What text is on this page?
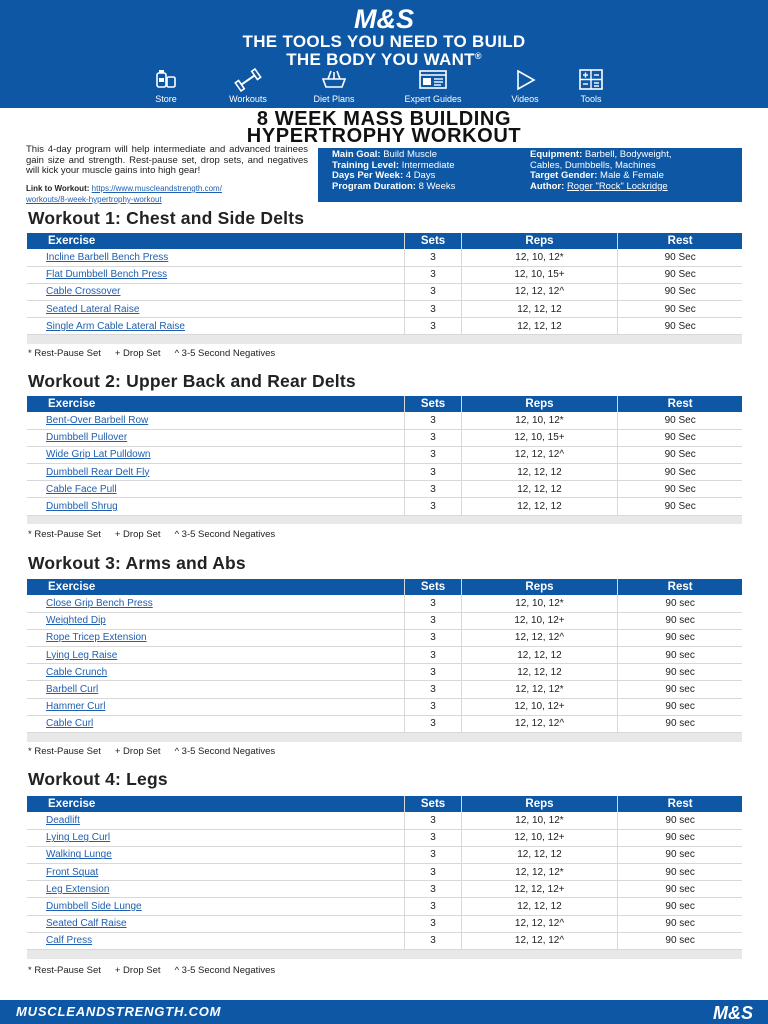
M&S
THE TOOLS YOU NEED TO BUILD
THE BODY YOU WANT®
Store	Workouts	Diet Plans	Expert Guides	Videos	Tools
8 WEEK MASS BUILDING
HYPERTROPHY WORKOUT
This 4-day program will help intermediate and advanced trainees gain size and strength. Rest-pause set, drop sets, and negatives will kick your muscle gains into high gear!
Link to Workout: https://www.muscleandstrength.com/
workouts/8-week-hypertrophy-workout
Main Goal: Build Muscle
Training Level: Intermediate
Days Per Week: 4 Days
Program Duration: 8 Weeks
Equipment: Barbell, Bodyweight,
Cables, Dumbbells, Machines
Target Gender: Male & Female
Author: Roger "Rock" Lockridge
Workout 1: Chest and Side Delts
Exercise	Sets	Reps	Rest
Incline Barbell Bench Press	3	12, 10, 12*	90 Sec
Flat Dumbbell Bench Press	3	12, 10, 15+	90 Sec
Cable Crossover	3	12, 12, 12^	90 Sec
Seated Lateral Raise	3	12, 12, 12	90 Sec
Single Arm Cable Lateral Raise	3	12, 12, 12	90 Sec

* Rest-Pause Set + Drop Set ^ 3-5 Second Negatives
Workout 2: Upper Back and Rear Delts
Exercise	Sets	Reps	Rest
Bent-Over Barbell Row	3	12, 10, 12*	90 Sec
Dumbbell Pullover	3	12, 10, 15+	90 Sec
Wide Grip Lat Pulldown	3	12, 12, 12^	90 Sec
Dumbbell Rear Delt Fly	3	12, 12, 12	90 Sec
Cable Face Pull	3	12, 12, 12	90 Sec
Dumbbell Shrug	3	12, 12, 12	90 Sec

* Rest-Pause Set + Drop Set ^ 3-5 Second Negatives
Workout 3: Arms and Abs
Exercise	Sets	Reps	Rest
Close Grip Bench Press	3	12, 10, 12*	90 sec
Weighted Dip	3	12, 10, 12+	90 sec
Rope Tricep Extension	3	12, 12, 12^	90 sec
Lying Leg Raise	3	12, 12, 12	90 sec
Cable Crunch	3	12, 12, 12	90 sec
Barbell Curl	3	12, 12, 12*	90 sec
Hammer Curl	3	12, 10, 12+	90 sec
Cable Curl	3	12, 12, 12^	90 sec

* Rest-Pause Set + Drop Set ^ 3-5 Second Negatives
Workout 4: Legs
Exercise	Sets	Reps	Rest
Deadlift	3	12, 10, 12*	90 sec
Lying Leg Curl	3	12, 10, 12+	90 sec
Walking Lunge	3	12, 12, 12	90 sec
Front Squat	3	12, 12, 12*	90 sec
Leg Extension	3	12, 12, 12+	90 sec
Dumbbell Side Lunge	3	12, 12, 12	90 sec
Seated Calf Raise	3	12, 12, 12^	90 sec
Calf Press	3	12, 12, 12^	90 sec

* Rest-Pause Set + Drop Set ^ 3-5 Second Negatives
MUSCLEANDSTRENGTH.COM	M&S
